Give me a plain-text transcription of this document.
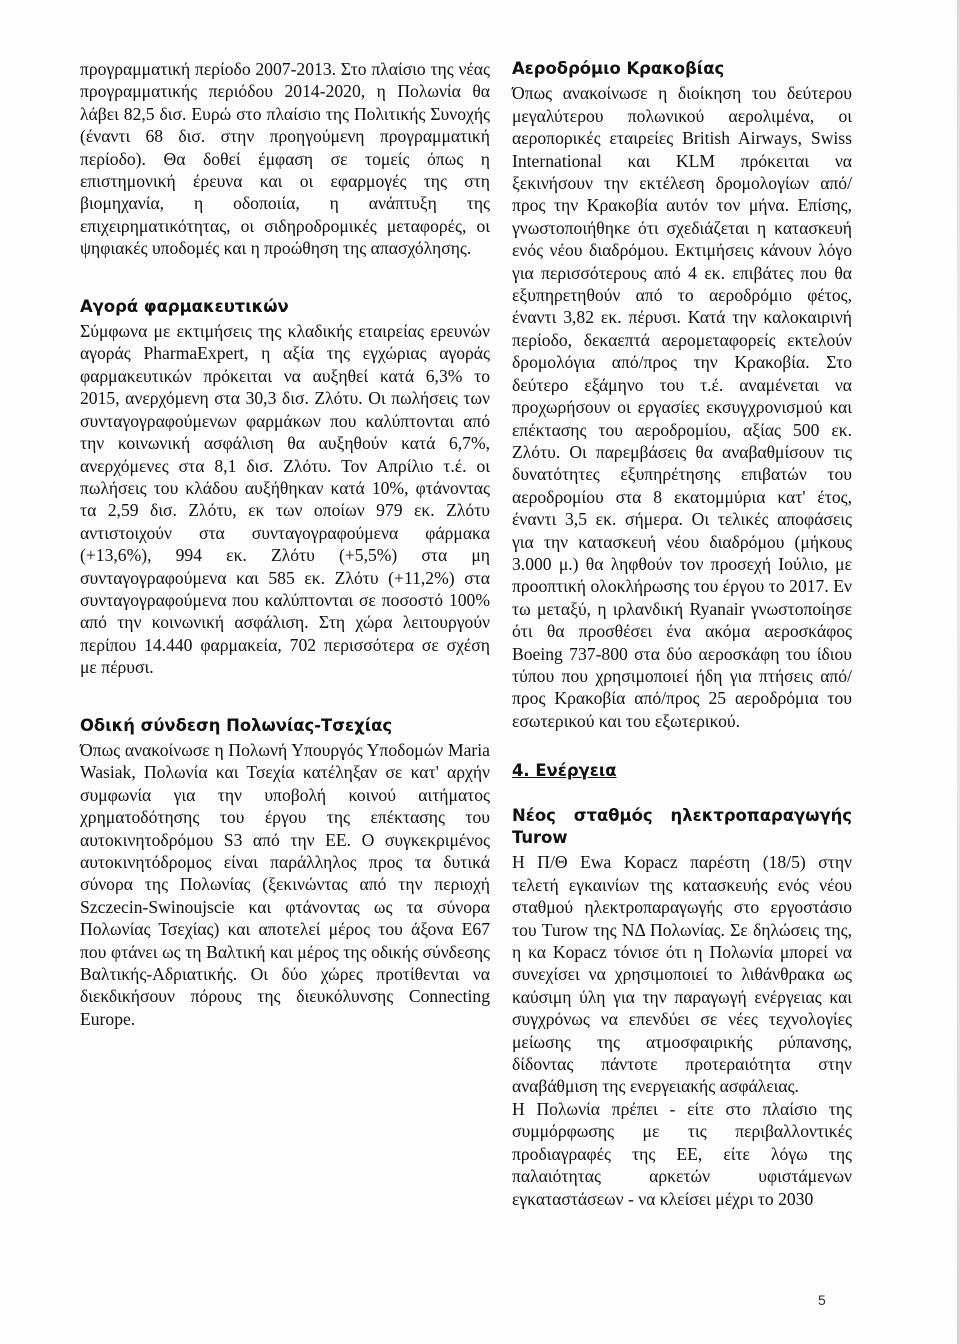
προγραμματική περίοδο 2007-2013. Στο πλαίσιο της νέας προγραμματικής περιόδου 2014-2020, η Πολωνία θα λάβει 82,5 δισ. Ευρώ στο πλαίσιο της Πολιτικής Συνοχής (έναντι 68 δισ. στην προηγούμενη προγραμματική περίοδο). Θα δοθεί έμφαση σε τομείς όπως η επιστημονική έρευνα και οι εφαρμογές της στη βιομηχανία, η οδοποιία, η ανάπτυξη της επιχειρηματικότητας, οι σιδηροδρομικές μεταφορές, οι ψηφιακές υποδομές και η προώθηση της απασχόλησης.

Αγορά φαρμακευτικών

Σύμφωνα με εκτιμήσεις της κλαδικής εταιρείας ερευνών αγοράς PharmaExpert, η αξία της εγχώριας αγοράς φαρμακευτικών πρόκειται να αυξηθεί κατά 6,3% το 2015, ανερχόμενη στα 30,3 δισ. Ζλότυ. Οι πωλήσεις των συνταγογραφούμενων φαρμάκων που καλύπτονται από την κοινωνική ασφάλιση θα αυξηθούν κατά 6,7%, ανερχόμενες στα 8,1 δισ. Ζλότυ. Τον Απρίλιο τ.έ. οι πωλήσεις του κλάδου αυξήθηκαν κατά 10%, φτάνοντας τα 2,59 δισ. Ζλότυ, εκ των οποίων 979 εκ. Ζλότυ αντιστοιχούν στα συνταγογραφούμενα φάρμακα (+13,6%), 994 εκ. Ζλότυ (+5,5%) στα μη συνταγογραφούμενα και 585 εκ. Ζλότυ (+11,2%) στα συνταγογραφούμενα που καλύπτονται σε ποσοστό 100% από την κοινωνική ασφάλιση. Στη χώρα λειτουργούν περίπου 14.440 φαρμακεία, 702 περισσότερα σε σχέση με πέρυσι.

Οδική σύνδεση Πολωνίας-Τσεχίας

Όπως ανακοίνωσε η Πολωνή Υπουργός Υποδομών Maria Wasiak, Πολωνία και Τσεχία κατέληξαν σε κατ' αρχήν συμφωνία για την υποβολή κοινού αιτήματος χρηματοδότησης του έργου της επέκτασης του αυτοκινητοδρόμου S3 από την ΕΕ. Ο συγκεκριμένος αυτοκινητόδρομος είναι παράλληλος προς τα δυτικά σύνορα της Πολωνίας (ξεκινώντας από την περιοχή Szczecin-Swinoujscie και φτάνοντας ως τα σύνορα Πολωνίας Τσεχίας) και αποτελεί μέρος του άξονα E67 που φτάνει ως τη Βαλτική και μέρος της οδικής σύνδεσης Βαλτικής-Αδριατικής. Οι δύο χώρες προτίθενται να διεκδικήσουν πόρους της διευκόλυνσης Connecting Europe.

Αεροδρόμιο Κρακοβίας

Όπως ανακοίνωσε η διοίκηση του δεύτερου μεγαλύτερου πολωνικού αερολιμένα, οι αεροπορικές εταιρείες British Airways, Swiss International και KLM πρόκειται να ξεκινήσουν την εκτέλεση δρομολογίων από/προς την Κρακοβία αυτόν τον μήνα. Επίσης, γνωστοποιήθηκε ότι σχεδιάζεται η κατασκευή ενός νέου διαδρόμου. Εκτιμήσεις κάνουν λόγο για περισσότερους από 4 εκ. επιβάτες που θα εξυπηρετηθούν από το αεροδρόμιο φέτος, έναντι 3,82 εκ. πέρυσι. Κατά την καλοκαιρινή περίοδο, δεκαεπτά αερομεταφορείς εκτελούν δρομολόγια από/προς την Κρακοβία. Στο δεύτερο εξάμηνο του τ.έ. αναμένεται να προχωρήσουν οι εργασίες εκσυγχρονισμού και επέκτασης του αεροδρομίου, αξίας 500 εκ. Ζλότυ. Οι παρεμβάσεις θα αναβαθμίσουν τις δυνατότητες εξυπηρέτησης επιβατών του αεροδρομίου στα 8 εκατομμύρια κατ' έτος, έναντι 3,5 εκ. σήμερα. Οι τελικές αποφάσεις για την κατασκευή νέου διαδρόμου (μήκους 3.000 μ.) θα ληφθούν τον προσεχή Ιούλιο, με προοπτική ολοκλήρωσης του έργου το 2017. Εν τω μεταξύ, η ιρλανδική Ryanair γνωστοποίησε ότι θα προσθέσει ένα ακόμα αεροσκάφος Boeing 737-800 στα δύο αεροσκάφη του ίδιου τύπου που χρησιμοποιεί ήδη για πτήσεις από/προς Κρακοβία από/προς 25 αεροδρόμια του εσωτερικού και του εξωτερικού.

4. Ενέργεια
Νέος σταθμός ηλεκτροπαραγωγής Turow

Η Π/Θ Ewa Kopacz παρέστη (18/5) στην τελετή εγκαινίων της κατασκευής ενός νέου σταθμού ηλεκτροπαραγωγής στο εργοστάσιο του Turow της ΝΔ Πολωνίας. Σε δηλώσεις της, η κα Kopacz τόνισε ότι η Πολωνία μπορεί να συνεχίσει να χρησιμοποιεί το λιθάνθρακα ως καύσιμη ύλη για την παραγωγή ενέργειας και συγχρόνως να επενδύει σε νέες τεχνολογίες μείωσης της ατμοσφαιρικής ρύπανσης, δίδοντας πάντοτε προτεραιότητα στην αναβάθμιση της ενεργειακής ασφάλειας.

Η Πολωνία πρέπει - είτε στο πλαίσιο της συμμόρφωσης με τις περιβαλλοντικές προδιαγραφές της ΕΕ, είτε λόγω της παλαιότητας αρκετών υφιστάμενων εγκαταστάσεων - να κλείσει μέχρι το 2030

5
